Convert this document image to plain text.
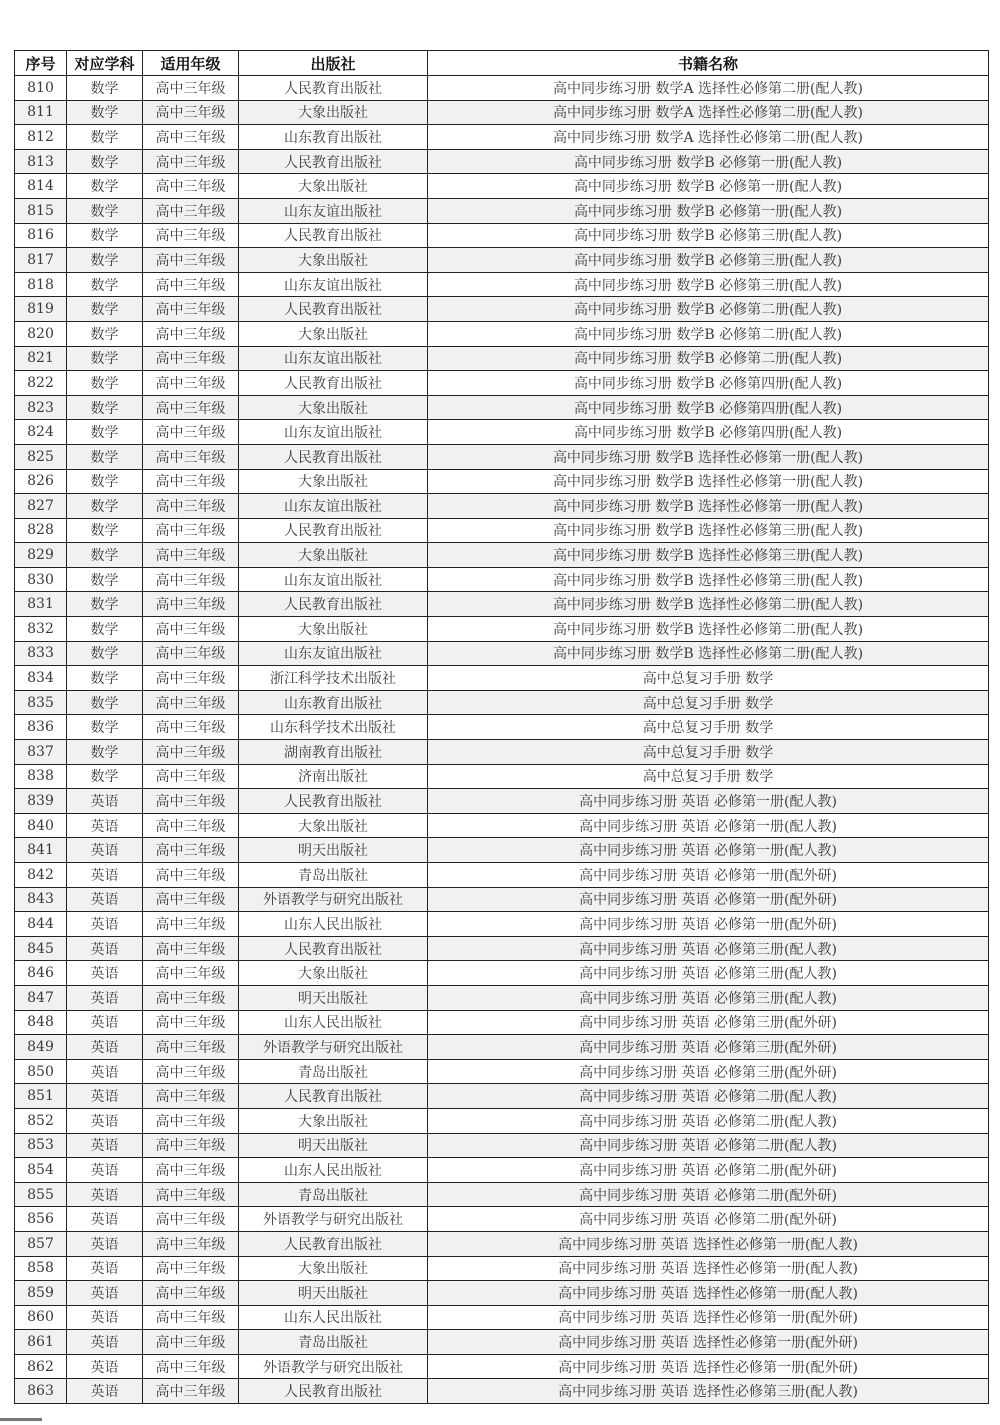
序号	对应学科	适用年级	出版社	书籍名称
810	数学	高中三年级	人民教育出版社	高中同步练习册 数学A 选择性必修第二册(配人教)
811	数学	高中三年级	大象出版社	高中同步练习册 数学A 选择性必修第二册(配人教)
812	数学	高中三年级	山东教育出版社	高中同步练习册 数学A 选择性必修第二册(配人教)
813	数学	高中三年级	人民教育出版社	高中同步练习册 数学B 必修第一册(配人教)
814	数学	高中三年级	大象出版社	高中同步练习册 数学B 必修第一册(配人教)
815	数学	高中三年级	山东友谊出版社	高中同步练习册 数学B 必修第一册(配人教)
816	数学	高中三年级	人民教育出版社	高中同步练习册 数学B 必修第三册(配人教)
817	数学	高中三年级	大象出版社	高中同步练习册 数学B 必修第三册(配人教)
818	数学	高中三年级	山东友谊出版社	高中同步练习册 数学B 必修第三册(配人教)
819	数学	高中三年级	人民教育出版社	高中同步练习册 数学B 必修第二册(配人教)
820	数学	高中三年级	大象出版社	高中同步练习册 数学B 必修第二册(配人教)
821	数学	高中三年级	山东友谊出版社	高中同步练习册 数学B 必修第二册(配人教)
822	数学	高中三年级	人民教育出版社	高中同步练习册 数学B 必修第四册(配人教)
823	数学	高中三年级	大象出版社	高中同步练习册 数学B 必修第四册(配人教)
824	数学	高中三年级	山东友谊出版社	高中同步练习册 数学B 必修第四册(配人教)
825	数学	高中三年级	人民教育出版社	高中同步练习册 数学B 选择性必修第一册(配人教)
826	数学	高中三年级	大象出版社	高中同步练习册 数学B 选择性必修第一册(配人教)
827	数学	高中三年级	山东友谊出版社	高中同步练习册 数学B 选择性必修第一册(配人教)
828	数学	高中三年级	人民教育出版社	高中同步练习册 数学B 选择性必修第三册(配人教)
829	数学	高中三年级	大象出版社	高中同步练习册 数学B 选择性必修第三册(配人教)
830	数学	高中三年级	山东友谊出版社	高中同步练习册 数学B 选择性必修第三册(配人教)
831	数学	高中三年级	人民教育出版社	高中同步练习册 数学B 选择性必修第二册(配人教)
832	数学	高中三年级	大象出版社	高中同步练习册 数学B 选择性必修第二册(配人教)
833	数学	高中三年级	山东友谊出版社	高中同步练习册 数学B 选择性必修第二册(配人教)
834	数学	高中三年级	浙江科学技术出版社	高中总复习手册 数学
835	数学	高中三年级	山东教育出版社	高中总复习手册 数学
836	数学	高中三年级	山东科学技术出版社	高中总复习手册 数学
837	数学	高中三年级	湖南教育出版社	高中总复习手册 数学
838	数学	高中三年级	济南出版社	高中总复习手册 数学
839	英语	高中三年级	人民教育出版社	高中同步练习册 英语 必修第一册(配人教)
840	英语	高中三年级	大象出版社	高中同步练习册 英语 必修第一册(配人教)
841	英语	高中三年级	明天出版社	高中同步练习册 英语 必修第一册(配人教)
842	英语	高中三年级	青岛出版社	高中同步练习册 英语 必修第一册(配外研)
843	英语	高中三年级	外语教学与研究出版社	高中同步练习册 英语 必修第一册(配外研)
844	英语	高中三年级	山东人民出版社	高中同步练习册 英语 必修第一册(配外研)
845	英语	高中三年级	人民教育出版社	高中同步练习册 英语 必修第三册(配人教)
846	英语	高中三年级	大象出版社	高中同步练习册 英语 必修第三册(配人教)
847	英语	高中三年级	明天出版社	高中同步练习册 英语 必修第三册(配人教)
848	英语	高中三年级	山东人民出版社	高中同步练习册 英语 必修第三册(配外研)
849	英语	高中三年级	外语教学与研究出版社	高中同步练习册 英语 必修第三册(配外研)
850	英语	高中三年级	青岛出版社	高中同步练习册 英语 必修第三册(配外研)
851	英语	高中三年级	人民教育出版社	高中同步练习册 英语 必修第二册(配人教)
852	英语	高中三年级	大象出版社	高中同步练习册 英语 必修第二册(配人教)
853	英语	高中三年级	明天出版社	高中同步练习册 英语 必修第二册(配人教)
854	英语	高中三年级	山东人民出版社	高中同步练习册 英语 必修第二册(配外研)
855	英语	高中三年级	青岛出版社	高中同步练习册 英语 必修第二册(配外研)
856	英语	高中三年级	外语教学与研究出版社	高中同步练习册 英语 必修第二册(配外研)
857	英语	高中三年级	人民教育出版社	高中同步练习册 英语 选择性必修第一册(配人教)
858	英语	高中三年级	大象出版社	高中同步练习册 英语 选择性必修第一册(配人教)
859	英语	高中三年级	明天出版社	高中同步练习册 英语 选择性必修第一册(配人教)
860	英语	高中三年级	山东人民出版社	高中同步练习册 英语 选择性必修第一册(配外研)
861	英语	高中三年级	青岛出版社	高中同步练习册 英语 选择性必修第一册(配外研)
862	英语	高中三年级	外语教学与研究出版社	高中同步练习册 英语 选择性必修第一册(配外研)
863	英语	高中三年级	人民教育出版社	高中同步练习册 英语 选择性必修第三册(配人教)
